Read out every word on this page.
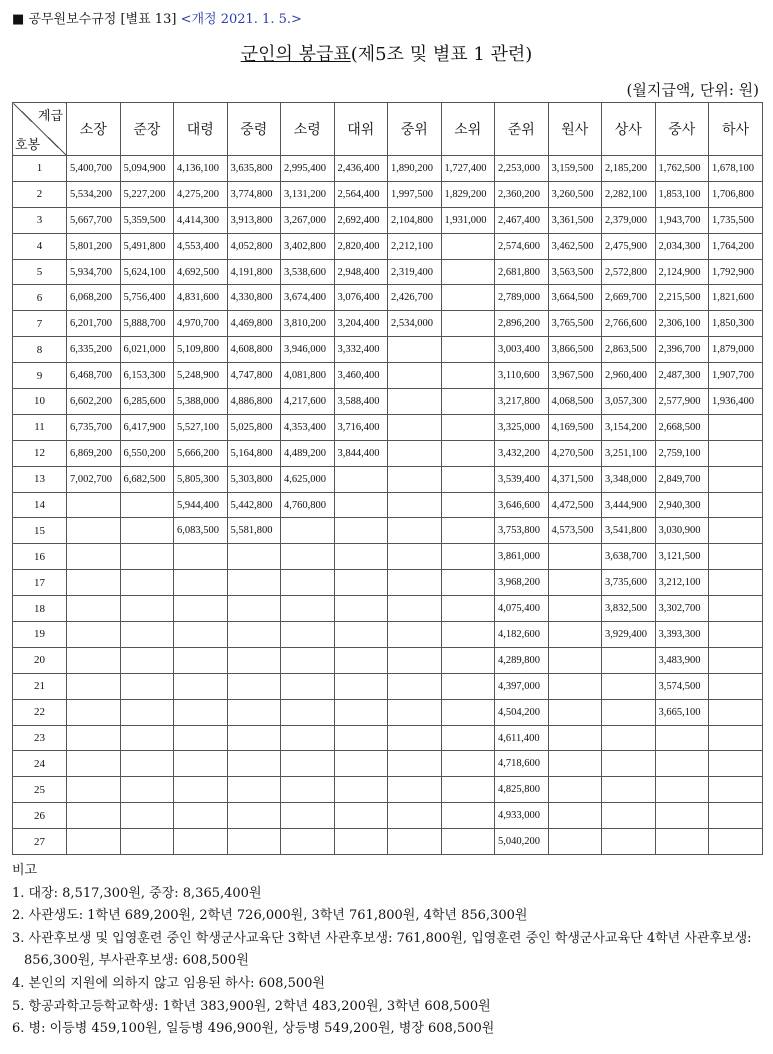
■ 공무원보수규정 [별표 13] <개정 2021. 1. 5.>
군인의 봉급표(제5조 및 별표 1 관련)
(월지급액, 단위: 원)
계급
호봉	소장	준장	대령	중령	소령	대위	중위	소위	준위	원사	상사	중사	하사
1	5,400,700	5,094,900	4,136,100	3,635,800	2,995,400	2,436,400	1,890,200	1,727,400	2,253,000	3,159,500	2,185,200	1,762,500	1,678,100
2	5,534,200	5,227,200	4,275,200	3,774,800	3,131,200	2,564,400	1,997,500	1,829,200	2,360,200	3,260,500	2,282,100	1,853,100	1,706,800
3	5,667,700	5,359,500	4,414,300	3,913,800	3,267,000	2,692,400	2,104,800	1,931,000	2,467,400	3,361,500	2,379,000	1,943,700	1,735,500
4	5,801,200	5,491,800	4,553,400	4,052,800	3,402,800	2,820,400	2,212,100		2,574,600	3,462,500	2,475,900	2,034,300	1,764,200
5	5,934,700	5,624,100	4,692,500	4,191,800	3,538,600	2,948,400	2,319,400		2,681,800	3,563,500	2,572,800	2,124,900	1,792,900
6	6,068,200	5,756,400	4,831,600	4,330,800	3,674,400	3,076,400	2,426,700		2,789,000	3,664,500	2,669,700	2,215,500	1,821,600
7	6,201,700	5,888,700	4,970,700	4,469,800	3,810,200	3,204,400	2,534,000		2,896,200	3,765,500	2,766,600	2,306,100	1,850,300
8	6,335,200	6,021,000	5,109,800	4,608,800	3,946,000	3,332,400			3,003,400	3,866,500	2,863,500	2,396,700	1,879,000
9	6,468,700	6,153,300	5,248,900	4,747,800	4,081,800	3,460,400			3,110,600	3,967,500	2,960,400	2,487,300	1,907,700
10	6,602,200	6,285,600	5,388,000	4,886,800	4,217,600	3,588,400			3,217,800	4,068,500	3,057,300	2,577,900	1,936,400
11	6,735,700	6,417,900	5,527,100	5,025,800	4,353,400	3,716,400			3,325,000	4,169,500	3,154,200	2,668,500	
12	6,869,200	6,550,200	5,666,200	5,164,800	4,489,200	3,844,400			3,432,200	4,270,500	3,251,100	2,759,100	
13	7,002,700	6,682,500	5,805,300	5,303,800	4,625,000				3,539,400	4,371,500	3,348,000	2,849,700	
14			5,944,400	5,442,800	4,760,800				3,646,600	4,472,500	3,444,900	2,940,300	
15			6,083,500	5,581,800					3,753,800	4,573,500	3,541,800	3,030,900	
16									3,861,000		3,638,700	3,121,500	
17									3,968,200		3,735,600	3,212,100	
18									4,075,400		3,832,500	3,302,700	
19									4,182,600		3,929,400	3,393,300	
20									4,289,800			3,483,900	
21									4,397,000			3,574,500	
22									4,504,200			3,665,100	
23									4,611,400				
24									4,718,600				
25									4,825,800				
26									4,933,000				
27									5,040,200				
비고
1. 대장: 8,517,300원, 중장: 8,365,400원
2. 사관생도: 1학년 689,200원, 2학년 726,000원, 3학년 761,800원, 4학년 856,300원
3. 사관후보생 및 입영훈련 중인 학생군사교육단 3학년 사관후보생: 761,800원, 입영훈련 중인 학생군사교육단 4학년 사관후보생: 856,300원, 부사관후보생: 608,500원
4. 본인의 지원에 의하지 않고 임용된 하사: 608,500원
5. 항공과학고등학교학생: 1학년 383,900원, 2학년 483,200원, 3학년 608,500원
6. 병: 이등병 459,100원, 일등병 496,900원, 상등병 549,200원, 병장 608,500원
